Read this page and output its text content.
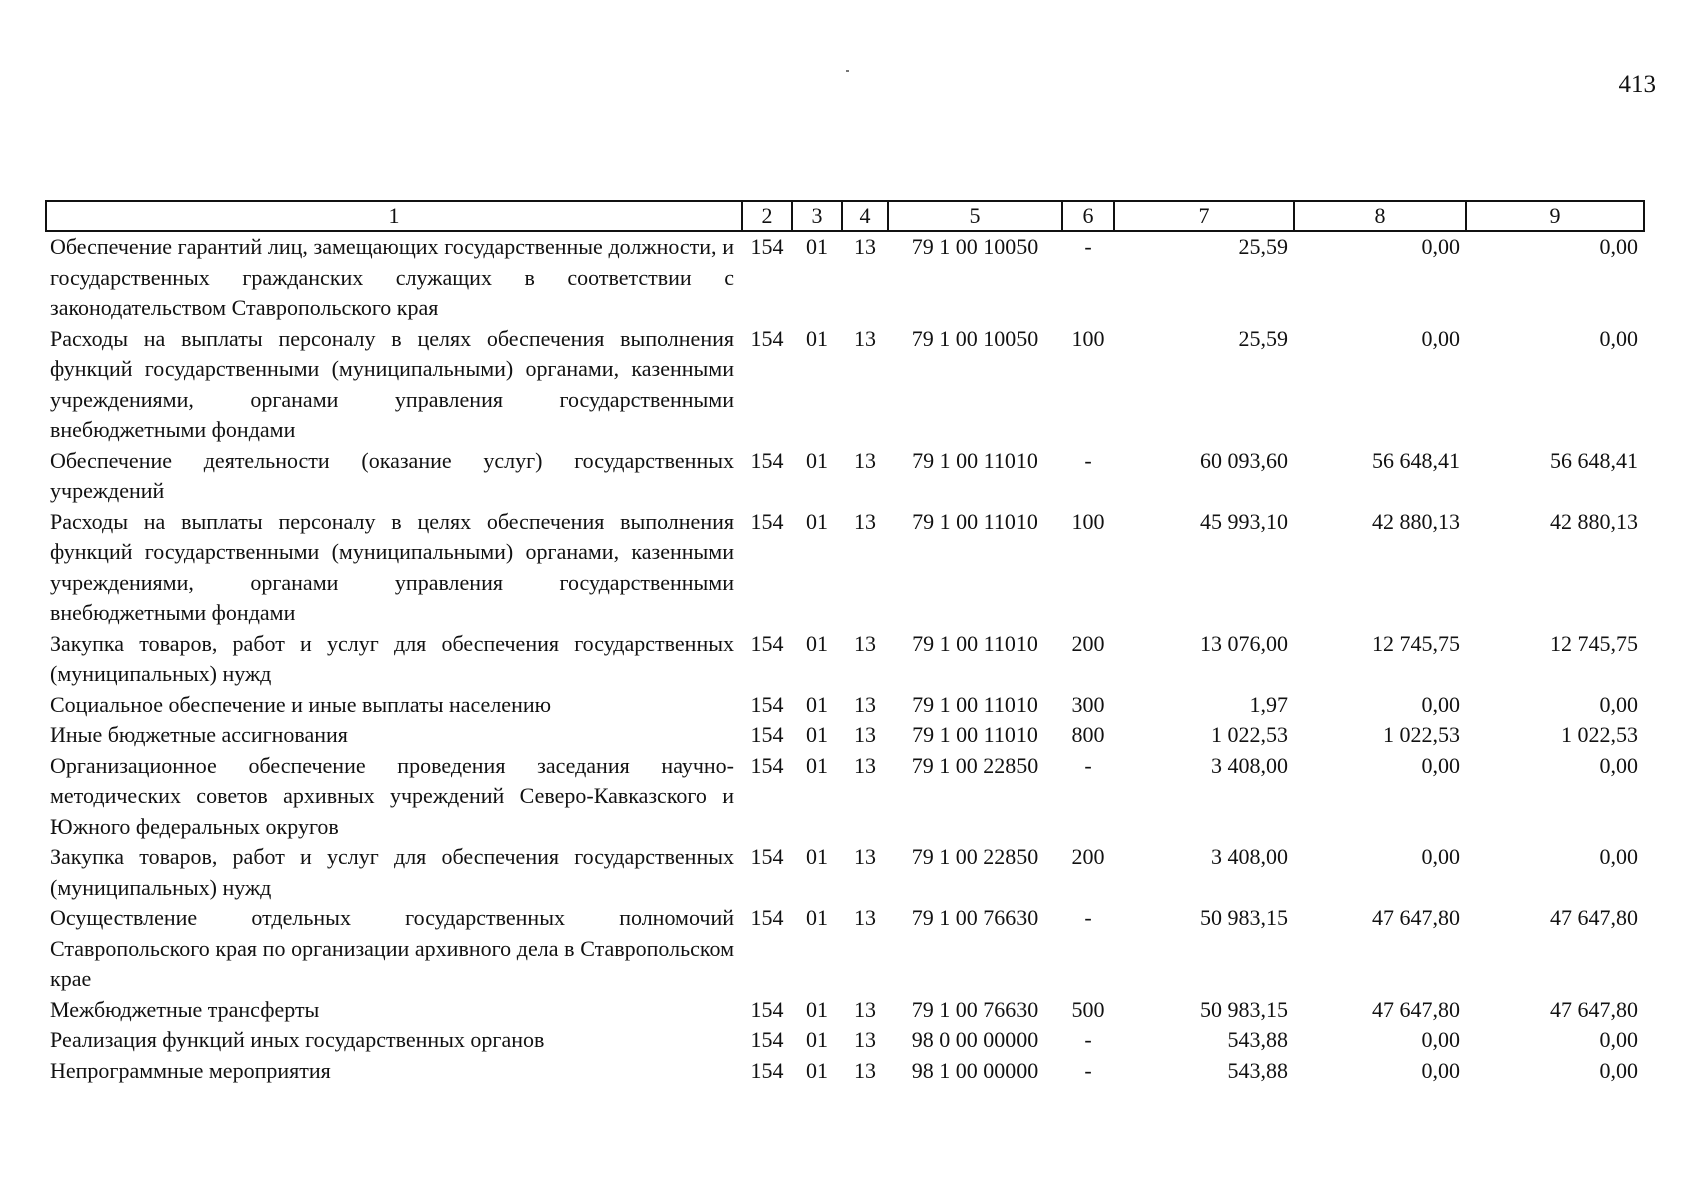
413
1	2	3	4	5	6	7	8	9
Обеспечение гарантий лиц, замещающих государственные должности, и государственных гражданских служащих в соответствии с законодательством Ставропольского края	154	01	13	79 1 00 10050	-	25,59	0,00	0,00
Расходы на выплаты персоналу в целях обеспечения выполнения функций государственными (муниципальными) органами, казенными учреждениями, органами управления государственными внебюджетными фондами	154	01	13	79 1 00 10050	100	25,59	0,00	0,00
Обеспечение деятельности (оказание услуг) государственных учреждений	154	01	13	79 1 00 11010	-	60 093,60	56 648,41	56 648,41
Расходы на выплаты персоналу в целях обеспечения выполнения функций государственными (муниципальными) органами, казенными учреждениями, органами управления государственными внебюджетными фондами	154	01	13	79 1 00 11010	100	45 993,10	42 880,13	42 880,13
Закупка товаров, работ и услуг для обеспечения государственных (муниципальных) нужд	154	01	13	79 1 00 11010	200	13 076,00	12 745,75	12 745,75
Социальное обеспечение и иные выплаты населению	154	01	13	79 1 00 11010	300	1,97	0,00	0,00
Иные бюджетные ассигнования	154	01	13	79 1 00 11010	800	1 022,53	1 022,53	1 022,53
Организационное обеспечение проведения заседания научно-методических советов архивных учреждений Северо-Кавказского и Южного федеральных округов	154	01	13	79 1 00 22850	-	3 408,00	0,00	0,00
Закупка товаров, работ и услуг для обеспечения государственных (муниципальных) нужд	154	01	13	79 1 00 22850	200	3 408,00	0,00	0,00
Осуществление отдельных государственных полномочий Ставропольского края по организации архивного дела в Ставропольском крае	154	01	13	79 1 00 76630	-	50 983,15	47 647,80	47 647,80
Межбюджетные трансферты	154	01	13	79 1 00 76630	500	50 983,15	47 647,80	47 647,80
Реализация функций иных государственных органов	154	01	13	98 0 00 00000	-	543,88	0,00	0,00
Непрограммные мероприятия	154	01	13	98 1 00 00000	-	543,88	0,00	0,00
